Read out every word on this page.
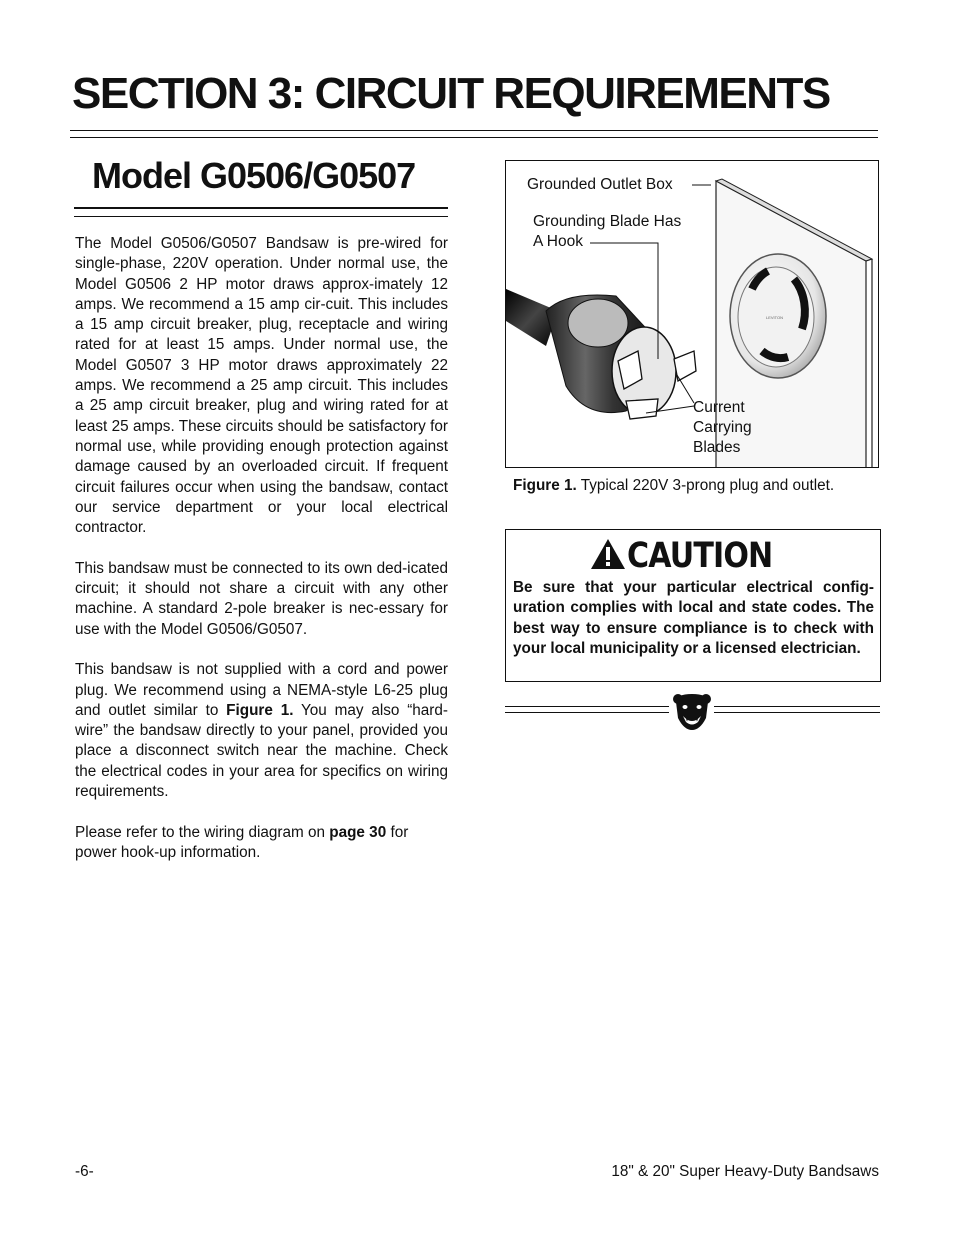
SECTION 3: CIRCUIT REQUIREMENTS
Model G0506/G0507

The Model G0506/G0507 Bandsaw is pre-wired for single-phase, 220V operation. Under normal use, the Model G0506 2 HP motor draws approx-imately 12 amps. We recommend a 15 amp cir-cuit. This includes a 15 amp circuit breaker, plug, receptacle and wiring rated for at least 15 amps. Under normal use, the Model G0507 3 HP motor draws approximately 22 amps. We recommend a 25 amp circuit. This includes a 25 amp circuit breaker, plug and wiring rated for at least 25 amps. These circuits should be satisfactory for normal use, while providing enough protection against damage caused by an overloaded circuit. If frequent circuit failures occur when using the bandsaw, contact our service department or your local electrical contractor.

This bandsaw must be connected to its own ded-icated circuit; it should not share a circuit with any other machine. A standard 2-pole breaker is nec-essary for use with the Model G0506/G0507.

This bandsaw is not supplied with a cord and power plug. We recommend using a NEMA-style L6-25 plug and outlet similar to Figure 1. You may also “hard-wire” the bandsaw directly to your panel, provided you place a disconnect switch near the machine. Check the electrical codes in your area for specifics on wiring requirements.

Please refer to the wiring diagram on page 30 for power hook-up information.

LEVITON
Grounded Outlet Box
Grounding Blade Has
A Hook
Current
Carrying
Blades
Figure 1. Typical 220V 3-prong plug and outlet.
CAUTION

Be sure that your particular electrical config-uration complies with local and state codes. The best way to ensure compliance is to check with your local municipality or a licensed electrician.

-6-	18" & 20" Super Heavy-Duty Bandsaws
